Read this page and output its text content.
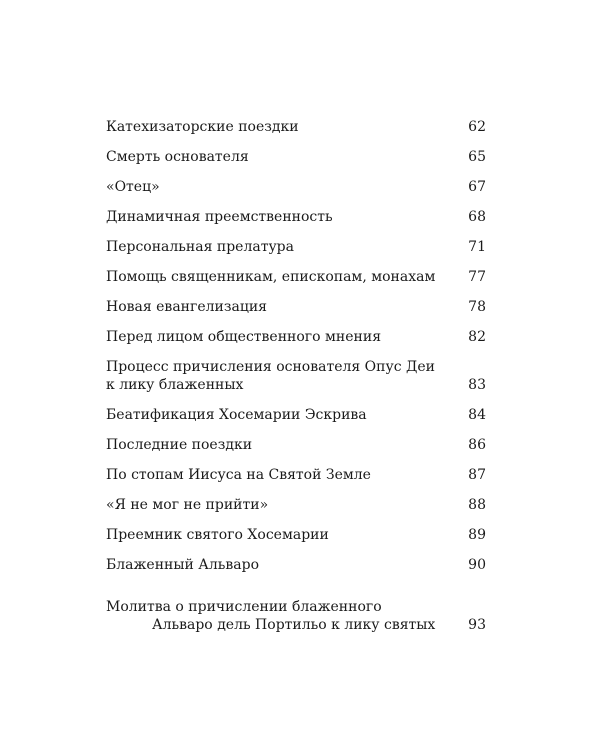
Катехизаторские поездки	62
Смерть основателя	65
«Отец»	67
Динамичная преемственность	68
Персональная прелатура	71
Помощь священникам, епископам, монахам	77
Новая евангелизация	78
Перед лицом общественного мнения	82
Процесс причисления основателя Опус Деи
к лику блаженных	83
Беатификация Хосемарии Эскрива	84
Последние поездки	86
По стопам Иисуса на Святой Земле	87
«Я не мог не прийти»	88
Преемник святого Хосемарии	89
Блаженный Альваро	90
Молитва о причислении блаженного
Альваро дель Портильо к лику святых	93
